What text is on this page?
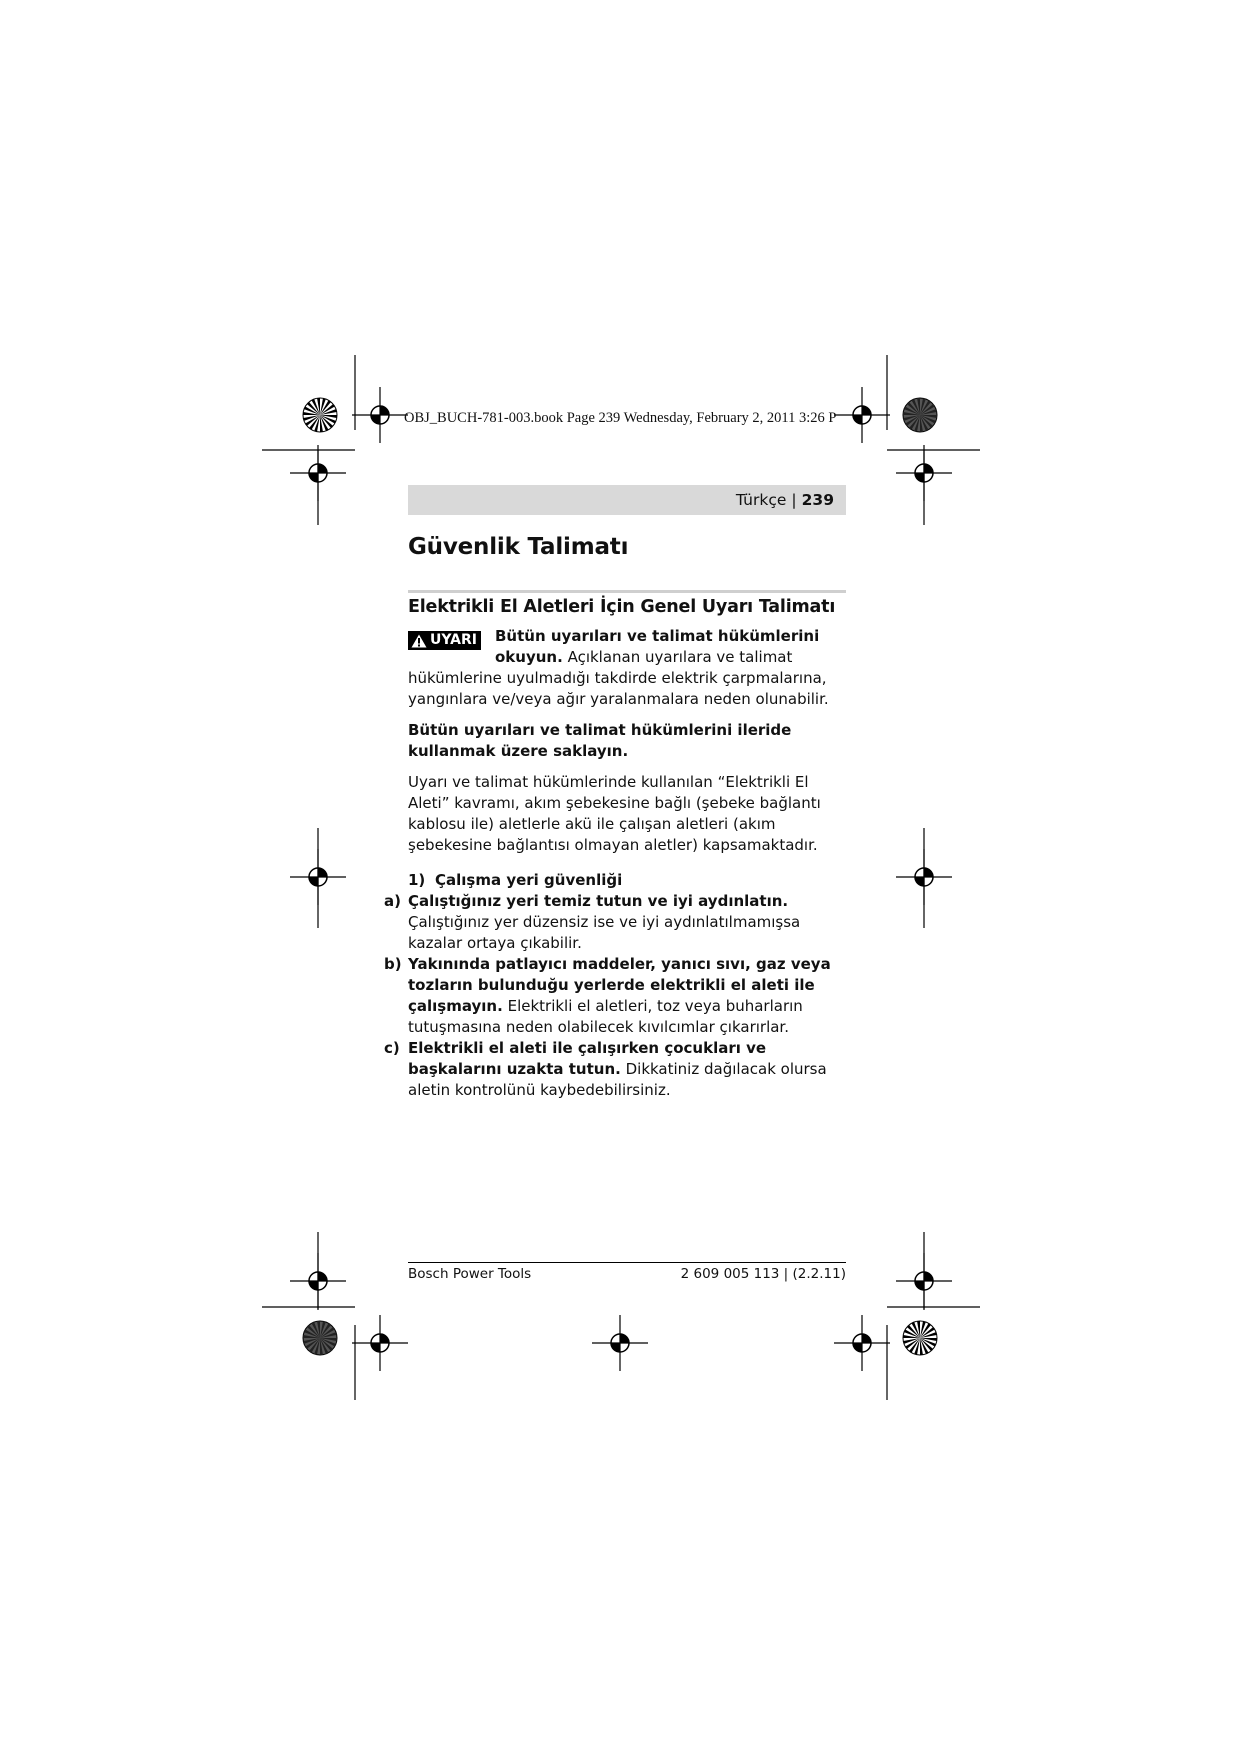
OBJ_BUCH-781-003.book Page 239 Wednesday, February 2, 2011 3:26 P
Türkçe | 239
Güvenlik Talimatı
Elektrikli El Aletleri İçin Genel Uyarı Talimatı

UYARI Bütün uyarıları ve talimat hükümlerini okuyun. Açıklanan uyarılara ve talimat hükümlerine uyulmadığı takdirde elektrik çarpmalarına, yangınlara ve/veya ağır yaralanmalara neden olunabilir.

Bütün uyarıları ve talimat hükümlerini ileride kullanmak üzere saklayın.

Uyarı ve talimat hükümlerinde kullanılan “Elektrikli El Aleti” kavramı, akım şebekesine bağlı (şebeke bağlantı kablosu ile) aletlerle akü ile çalışan aletleri (akım şebekesine bağlantısı olmayan aletler) kapsamaktadır.

1) Çalışma yeri güvenliği

a) Çalıştığınız yeri temiz tutun ve iyi aydınlatın. Çalıştığınız yer düzensiz ise ve iyi aydınlatılmamışsa kazalar ortaya çıkabilir.

b) Yakınında patlayıcı maddeler, yanıcı sıvı, gaz veya tozların bulunduğu yerlerde elektrikli el aleti ile çalışmayın. Elektrikli el aletleri, toz veya buharların tutuşmasına neden olabilecek kıvılcımlar çıkarırlar.

c) Elektrikli el aleti ile çalışırken çocukları ve başkalarını uzakta tutun. Dikkatiniz dağılacak olursa aletin kontrolünü kaybedebilirsiniz.

Bosch Power Tools	2 609 005 113 | (2.2.11)
